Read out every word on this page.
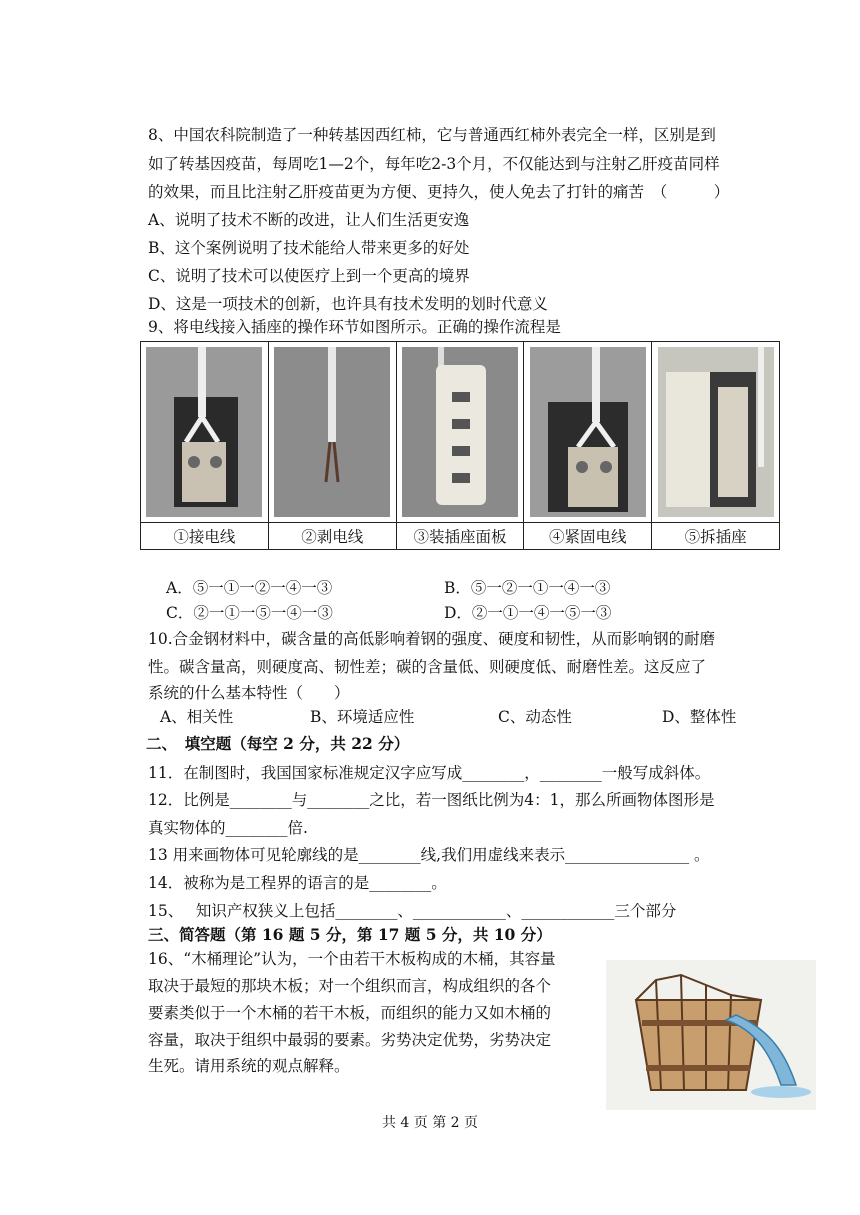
8、中国农科院制造了一种转基因西红柿，它与普通西红柿外表完全一样，区别是到
如了转基因疫苗，每周吃1—2个，每年吃2-3个月，不仅能达到与注射乙肝疫苗同样
的效果，而且比注射乙肝疫苗更为方便、更持久，使人免去了打针的痛苦　（　　　）
A、说明了技术不断的改进，让人们生活更安逸
B、这个案例说明了技术能给人带来更多的好处
C、说明了技术可以使医疗上到一个更高的境界
D、这是一项技术的创新，也许具有技术发明的划时代意义
9、将电线接入插座的操作环节如图所示。正确的操作流程是

①接电线	②剥电线	③装插座面板	④紧固电线	⑤拆插座
A．⑤一①一②一④一③	B．⑤一②一①一④一③
C．②一①一⑤一④一③	D．②一①一④一⑤一③
10.合金钢材料中，碳含量的高低影响着钢的强度、硬度和韧性，从而影响钢的耐磨
性。碳含量高，则硬度高、韧性差；碳的含量低、则硬度低、耐磨性差。这反应了
系统的什么基本特性（　　）
A、相关性	B、环境适应性	C、动态性	D、整体性
二、　填空题（每空 2 分，共 22 分）
11．在制图时，我国国家标准规定汉字应写成________，________一般写成斜体。
12．比例是________与________之比，若一图纸比例为4：1，那么所画物体图形是
真实物体的________倍.
13 用来画物体可见轮廓线的是________线,我们用虚线来表示________________ 。
14．被称为是工程界的语言的是________。
15、　 知识产权狭义上包括________、____________、____________三个部分
三、简答题（第 16 题 5 分，第 17 题 5 分，共 10 分）
16、“木桶理论”认为，一个由若干木板构成的木桶，其容量
取决于最短的那块木板；对一个组织而言，构成组织的各个
要素类似于一个木桶的若干木板，而组织的能力又如木桶的
容量，取决于组织中最弱的要素。劣势决定优势，劣势决定
生死。请用系统的观点解释。
共 4 页 第 2 页
